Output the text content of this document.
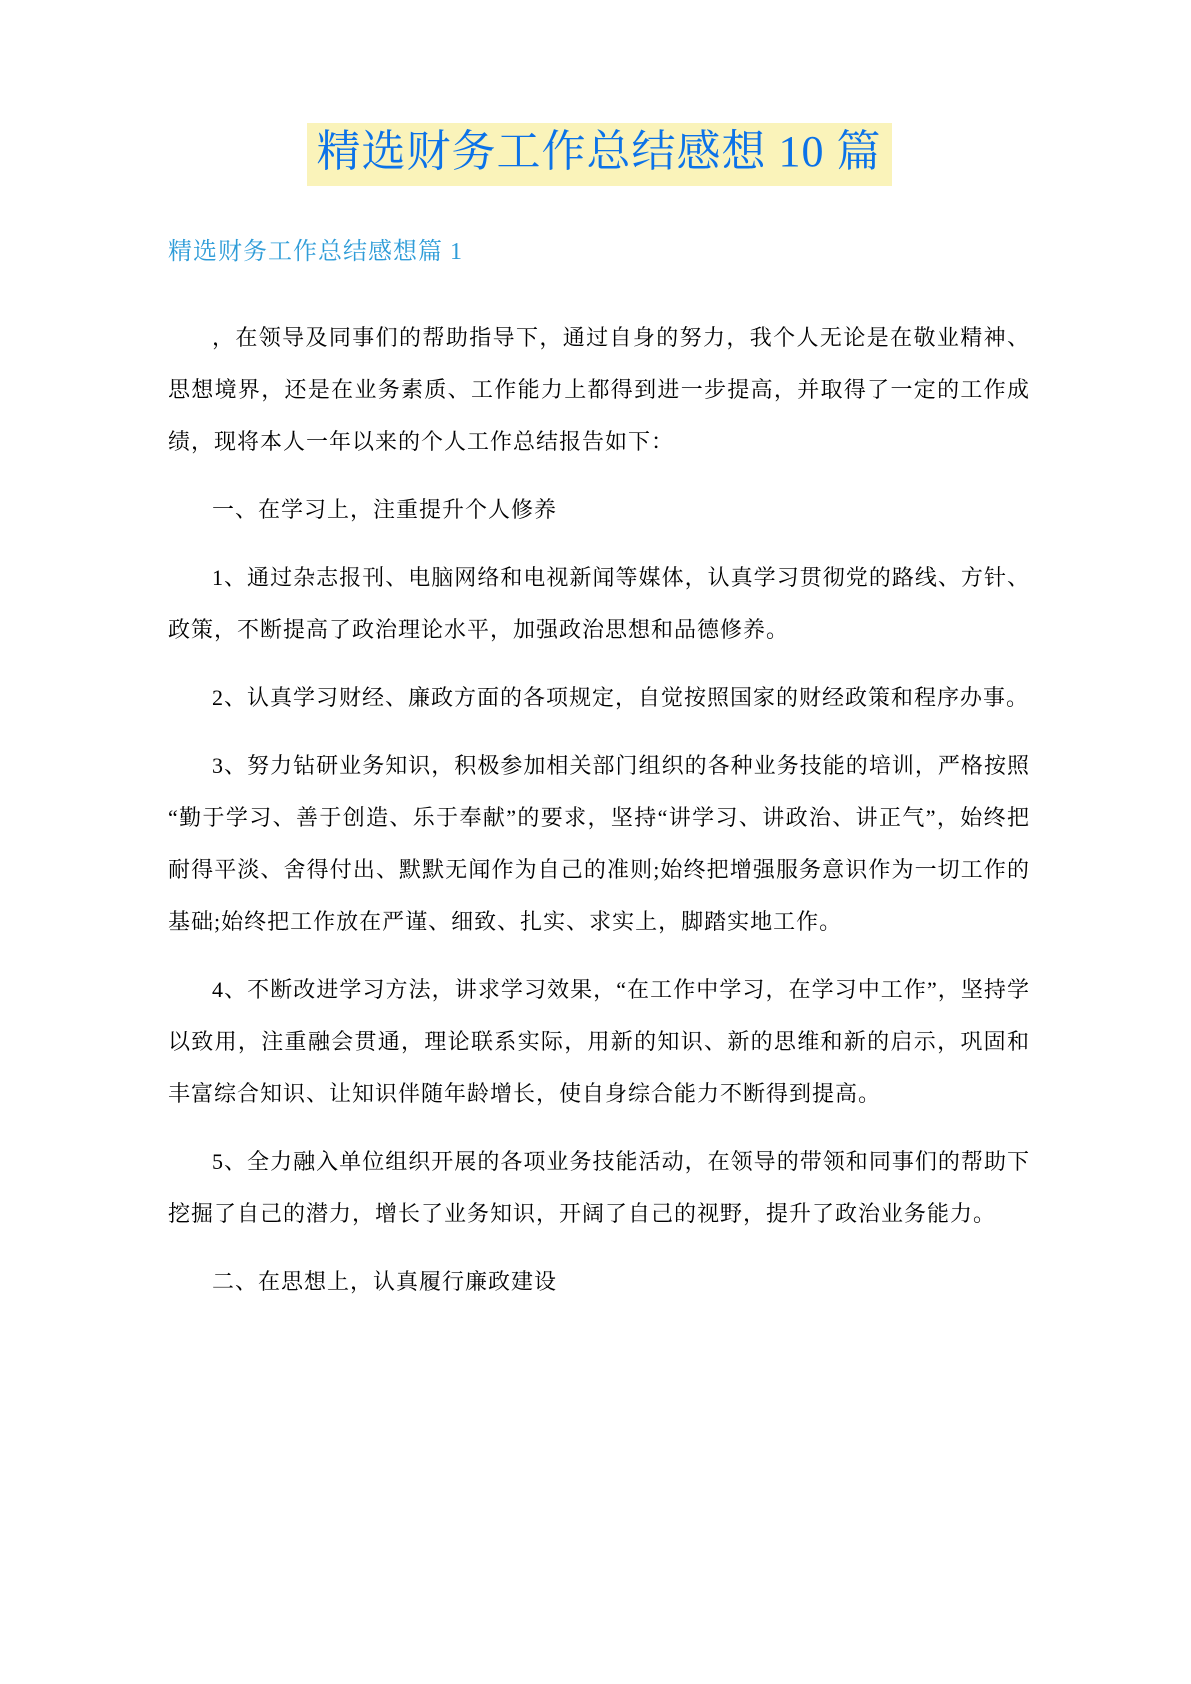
精选财务工作总结感想 10 篇
精选财务工作总结感想篇 1

，在领导及同事们的帮助指导下，通过自身的努力，我个人无论是在敬业精神、思想境界，还是在业务素质、工作能力上都得到进一步提高，并取得了一定的工作成绩，现将本人一年以来的个人工作总结报告如下：

一、在学习上，注重提升个人修养

1、通过杂志报刊、电脑网络和电视新闻等媒体，认真学习贯彻党的路线、方针、政策，不断提高了政治理论水平，加强政治思想和品德修养。

2、认真学习财经、廉政方面的各项规定，自觉按照国家的财经政策和程序办事。

3、努力钻研业务知识，积极参加相关部门组织的各种业务技能的培训，严格按照“勤于学习、善于创造、乐于奉献”的要求，坚持“讲学习、讲政治、讲正气”，始终把耐得平淡、舍得付出、默默无闻作为自己的准则;始终把增强服务意识作为一切工作的基础;始终把工作放在严谨、细致、扎实、求实上，脚踏实地工作。

4、不断改进学习方法，讲求学习效果，“在工作中学习，在学习中工作”，坚持学以致用，注重融会贯通，理论联系实际，用新的知识、新的思维和新的启示，巩固和丰富综合知识、让知识伴随年龄增长，使自身综合能力不断得到提高。

5、全力融入单位组织开展的各项业务技能活动，在领导的带领和同事们的帮助下挖掘了自己的潜力，增长了业务知识，开阔了自己的视野，提升了政治业务能力。

二、在思想上，认真履行廉政建设
